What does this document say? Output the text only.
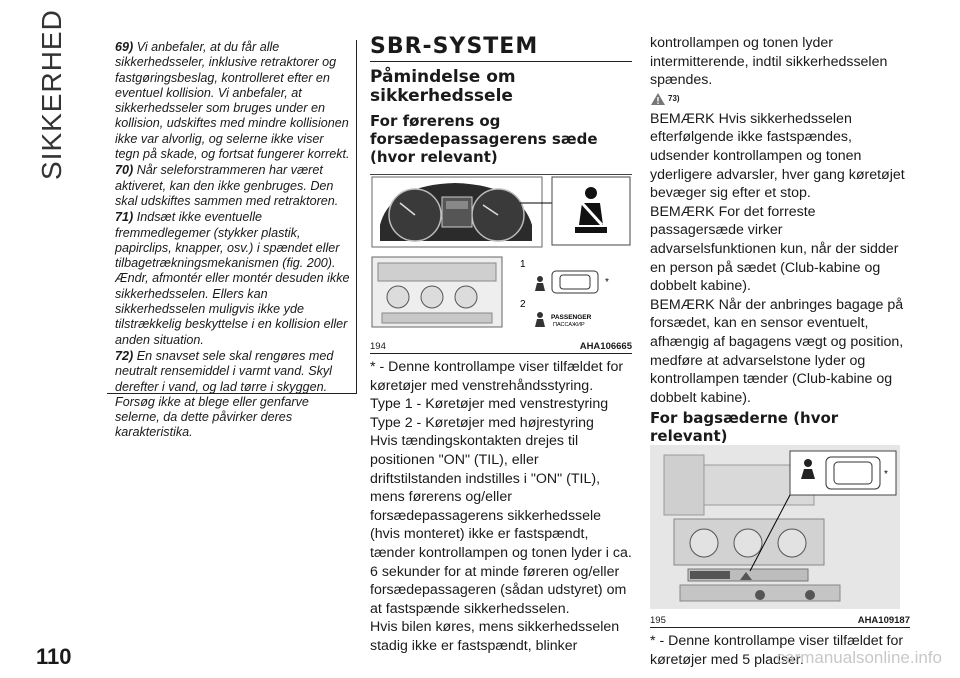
SIKKERHED	69) Vi anbefaler, at du får alle sikkerhedsseler, inklusive retraktorer og fastgøringsbeslag, kontrolleret efter en eventuel kollision. Vi anbefaler, at sikkerhedsseler som bruges under en kollision, udskiftes med mindre kollisionen ikke var alvorlig, og selerne ikke viser tegn på skade, og fortsat fungerer korrekt.

70) Når seleforstrammeren har været aktiveret, kan den ikke genbruges. Den skal udskiftes sammen med retraktoren.

71) Indsæt ikke eventuelle fremmedlegemer (stykker plastik, papirclips, knapper, osv.) i spændet eller tilbagetrækningsmekanismen (fig. 200). Ændr, afmontér eller montér desuden ikke sikkerhedsselen. Ellers kan sikkerhedsselen muligvis ikke yde tilstrækkelig beskyttelse i en kollision eller anden situation.

72) En snavset sele skal rengøres med neutralt rensemiddel i varmt vand. Skyl derefter i vand, og lad tørre i skyggen. Forsøg ikke at blege eller genfarve selerne, da dette påvirker deres karakteristika.

SBR-SYSTEM
Påmindelse om sikkerhedssele
For førerens og forsædepassagerens sæde (hvor relevant)
1
*
2
PASSENGER
ПАССАЖИР
194	AHA106665

* - Denne kontrollampe viser tilfældet for køretøjer med venstrehåndsstyring.

Type 1 - Køretøjer med venstrestyring

Type 2 - Køretøjer med højrestyring

Hvis tændingskontakten drejes til positionen "ON" (TIL), eller driftstilstanden indstilles i "ON" (TIL), mens førerens og/eller forsædepassagerens sikkerhedssele (hvis monteret) ikke er fastspændt, tænder kontrollampen og tonen lyder i ca. 6 sekunder for at minde føreren og/eller forsædepassageren (sådan udstyret) om at fastspænde sikkerhedsselen.

Hvis bilen køres, mens sikkerhedsselen stadig ikke er fastspændt, blinker

kontrollampen og tonen lyder intermitterende, indtil sikkerhedsselen spændes.

73)

BEMÆRK Hvis sikkerhedsselen efterfølgende ikke fastspændes, udsender kontrollampen og tonen yderligere advarsler, hver gang køretøjet bevæger sig efter et stop.

BEMÆRK For det forreste passagersæde virker advarselsfunktionen kun, når der sidder en person på sædet (Club-kabine og dobbelt kabine).

BEMÆRK Når der anbringes bagage på forsædet, kan en sensor eventuelt, afhængig af bagagens vægt og position, medføre at advarselstone lyder og kontrollampen tænder (Club-kabine og dobbelt kabine).

For bagsæderne (hvor relevant)
*
195	AHA109187

* - Denne kontrollampe viser tilfældet for køretøjer med 5 pladser.

110	carmanualsonline.info
